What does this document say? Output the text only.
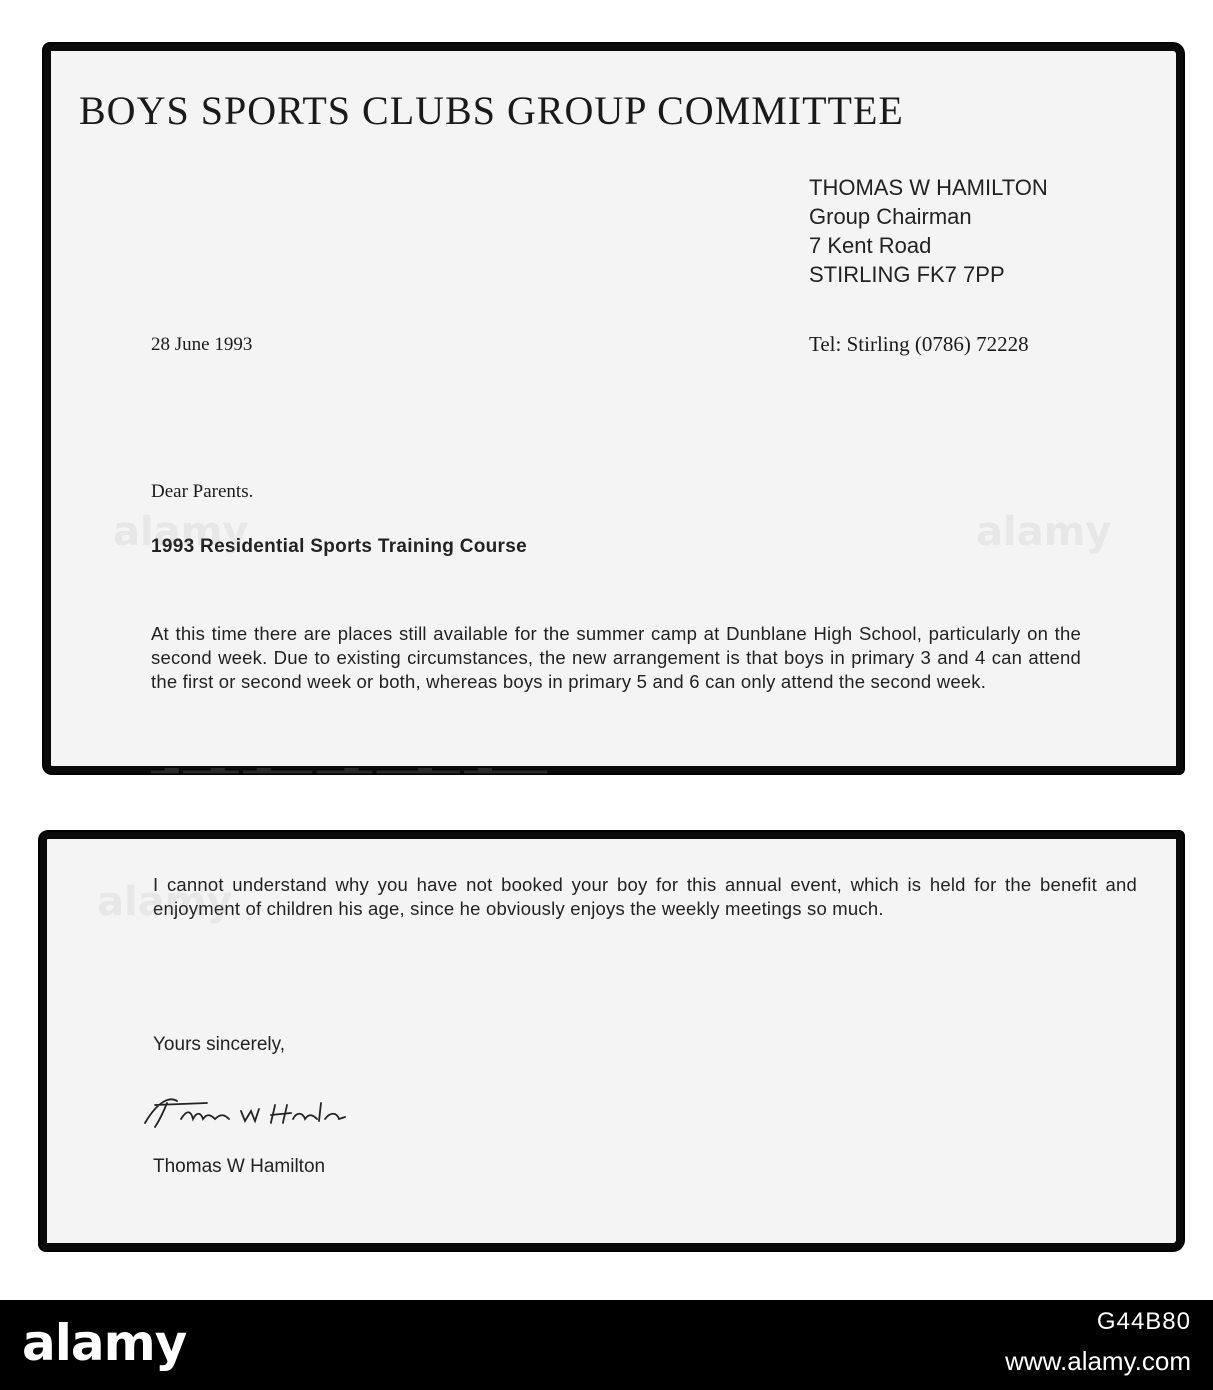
BOYS SPORTS CLUBS GROUP COMMITTEE
THOMAS W HAMILTON
Group Chairman
7 Kent Road
STIRLING FK7 7PP
28 June 1993	Tel: Stirling (0786) 72228
Dear Parents.
1993 Residential Sports Training Course
At this time there are places still available for the summer camp at Dunblane High School, particularly on the second week. Due to existing circumstances, the new arrangement is that boys in primary 3 and 4 can attend the first or second week or both, whereas boys in primary 5 and 6 can only attend the second week.
▁▂ ▁▁▂▁ ▁▂▁▁▁ ▁▁▂▁ ▁▁▁▂▁▁ ▁▂▁▁▁▁
alamy	alamy
I cannot understand why you have not booked your boy for this annual event, which is held for the benefit and enjoyment of children his age, since he obviously enjoys the weekly meetings so much.
Yours sincerely,
Thomas W Hamilton
alamy
alamy	G44B80
www.alamy.com
